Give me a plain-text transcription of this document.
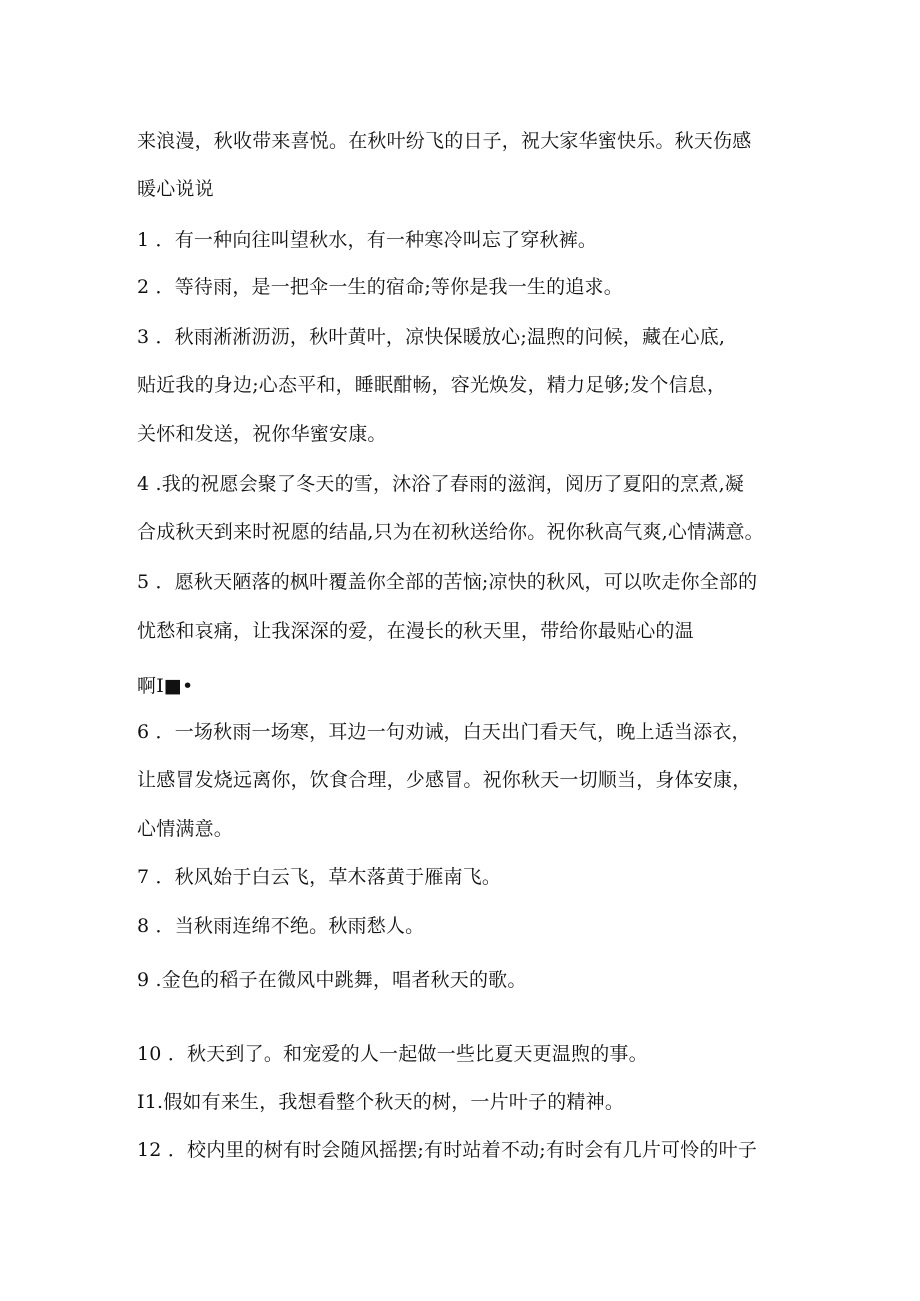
来浪漫，秋收带来喜悦。在秋叶纷飞的日子，祝大家华蜜快乐。秋天伤感
暖心说说
1 ．有一种向往叫望秋水，有一种寒冷叫忘了穿秋裤。
2 ．等待雨，是一把伞一生的宿命;等你是我一生的追求。
3 ．秋雨淅淅沥沥，秋叶黄叶，凉快保暖放心;温煦的问候，藏在心底,
贴近我的身边;心态平和，睡眠酣畅，容光焕发，精力足够;发个信息，
关怀和发送，祝你华蜜安康。
4 .我的祝愿会聚了冬天的雪，沐浴了春雨的滋润，阅历了夏阳的烹煮,凝
合成秋天到来时祝愿的结晶,只为在初秋送给你。祝你秋高气爽,心情满意。
5 ．愿秋天陋落的枫叶覆盖你全部的苦恼;凉快的秋风，可以吹走你全部的
忧愁和哀痛，让我深深的爱，在漫长的秋天里，带给你最贴心的温
啊I■•
6 ．一场秋雨一场寒，耳边一句劝诫，白天出门看天气，晚上适当添衣，
让感冒发烧远离你，饮食合理，少感冒。祝你秋天一切顺当，身体安康，
心情满意。
7 ．秋风始于白云飞，草木落黄于雁南飞。
8 ．当秋雨连绵不绝。秋雨愁人。
9 .金色的稻子在微风中跳舞，唱者秋天的歌。
10 ．秋天到了。和宠爱的人一起做一些比夏天更温煦的事。
I1.假如有来生，我想看整个秋天的树，一片叶子的精神。
12 ．校内里的树有时会随风摇摆;有时站着不动;有时会有几片可怜的叶子
